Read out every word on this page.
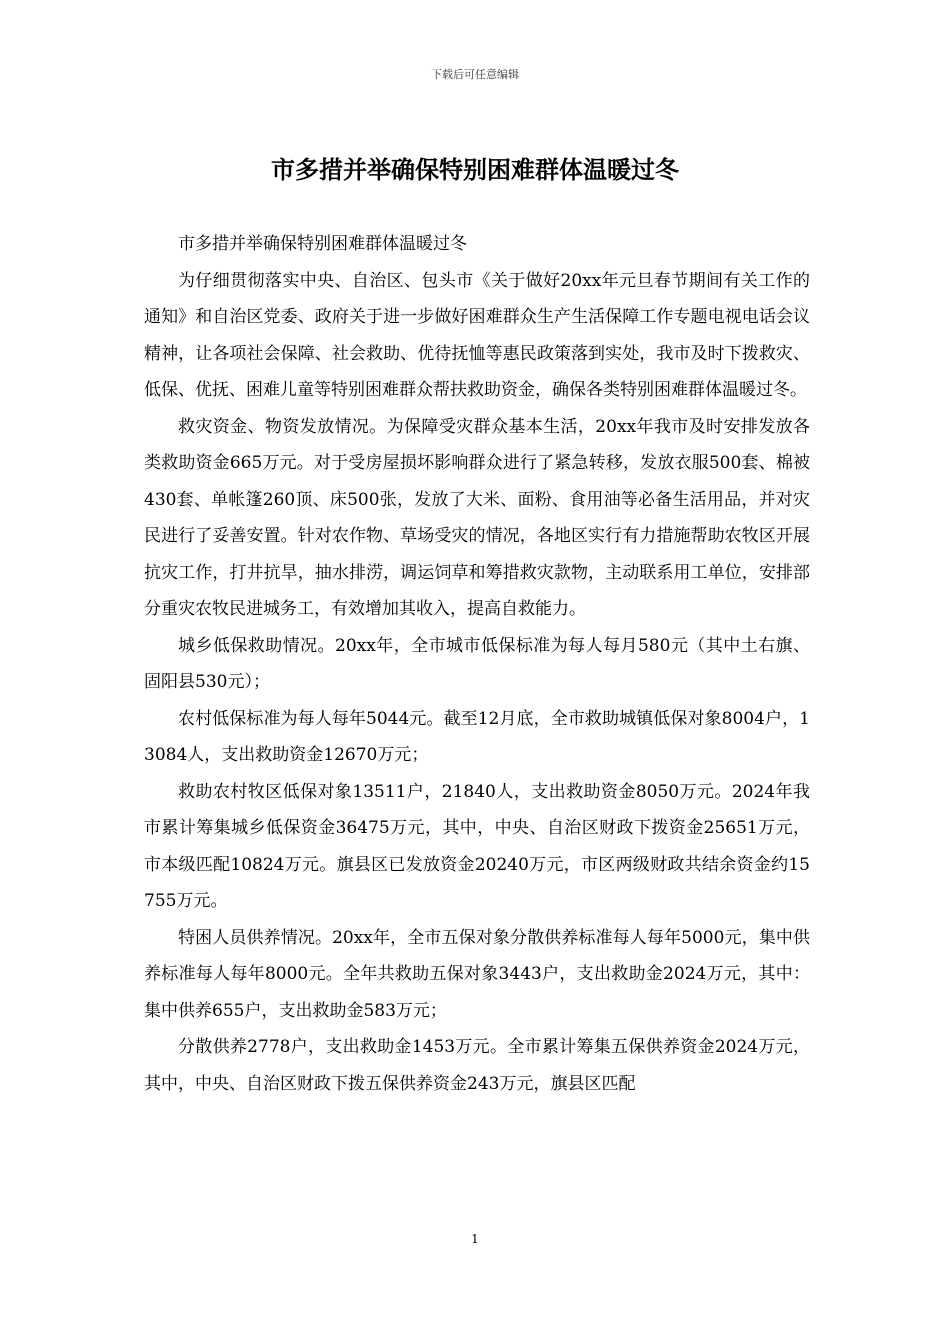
下载后可任意编辑
市多措并举确保特别困难群体温暖过冬

市多措并举确保特别困难群体温暖过冬

为仔细贯彻落实中央、自治区、包头市《关于做好20xx年元旦春节期间有关工作的通知》和自治区党委、政府关于进一步做好困难群众生产生活保障工作专题电视电话会议精神，让各项社会保障、社会救助、优待抚恤等惠民政策落到实处，我市及时下拨救灾、低保、优抚、困难儿童等特别困难群众帮扶救助资金，确保各类特别困难群体温暖过冬。

救灾资金、物资发放情况。为保障受灾群众基本生活，20xx年我市及时安排发放各类救助资金665万元。对于受房屋损坏影响群众进行了紧急转移，发放衣服500套、棉被430套、单帐篷260顶、床500张，发放了大米、面粉、食用油等必备生活用品，并对灾民进行了妥善安置。针对农作物、草场受灾的情况，各地区实行有力措施帮助农牧区开展抗灾工作，打井抗旱，抽水排涝，调运饲草和筹措救灾款物，主动联系用工单位，安排部分重灾农牧民进城务工，有效增加其收入，提高自救能力。

城乡低保救助情况。20xx年，全市城市低保标准为每人每月580元（其中土右旗、固阳县530元）；

农村低保标准为每人每年5044元。截至12月底，全市救助城镇低保对象8004户，13084人，支出救助资金12670万元；

救助农村牧区低保对象13511户，21840人，支出救助资金8050万元。2024年我市累计筹集城乡低保资金36475万元，其中，中央、自治区财政下拨资金25651万元，市本级匹配10824万元。旗县区已发放资金20240万元，市区两级财政共结余资金约15755万元。

特困人员供养情况。20xx年，全市五保对象分散供养标准每人每年5000元，集中供养标准每人每年8000元。全年共救助五保对象3443户，支出救助金2024万元，其中：集中供养655户，支出救助金583万元；

分散供养2778户，支出救助金1453万元。全市累计筹集五保供养资金2024万元，其中，中央、自治区财政下拨五保供养资金243万元，旗县区匹配

1
